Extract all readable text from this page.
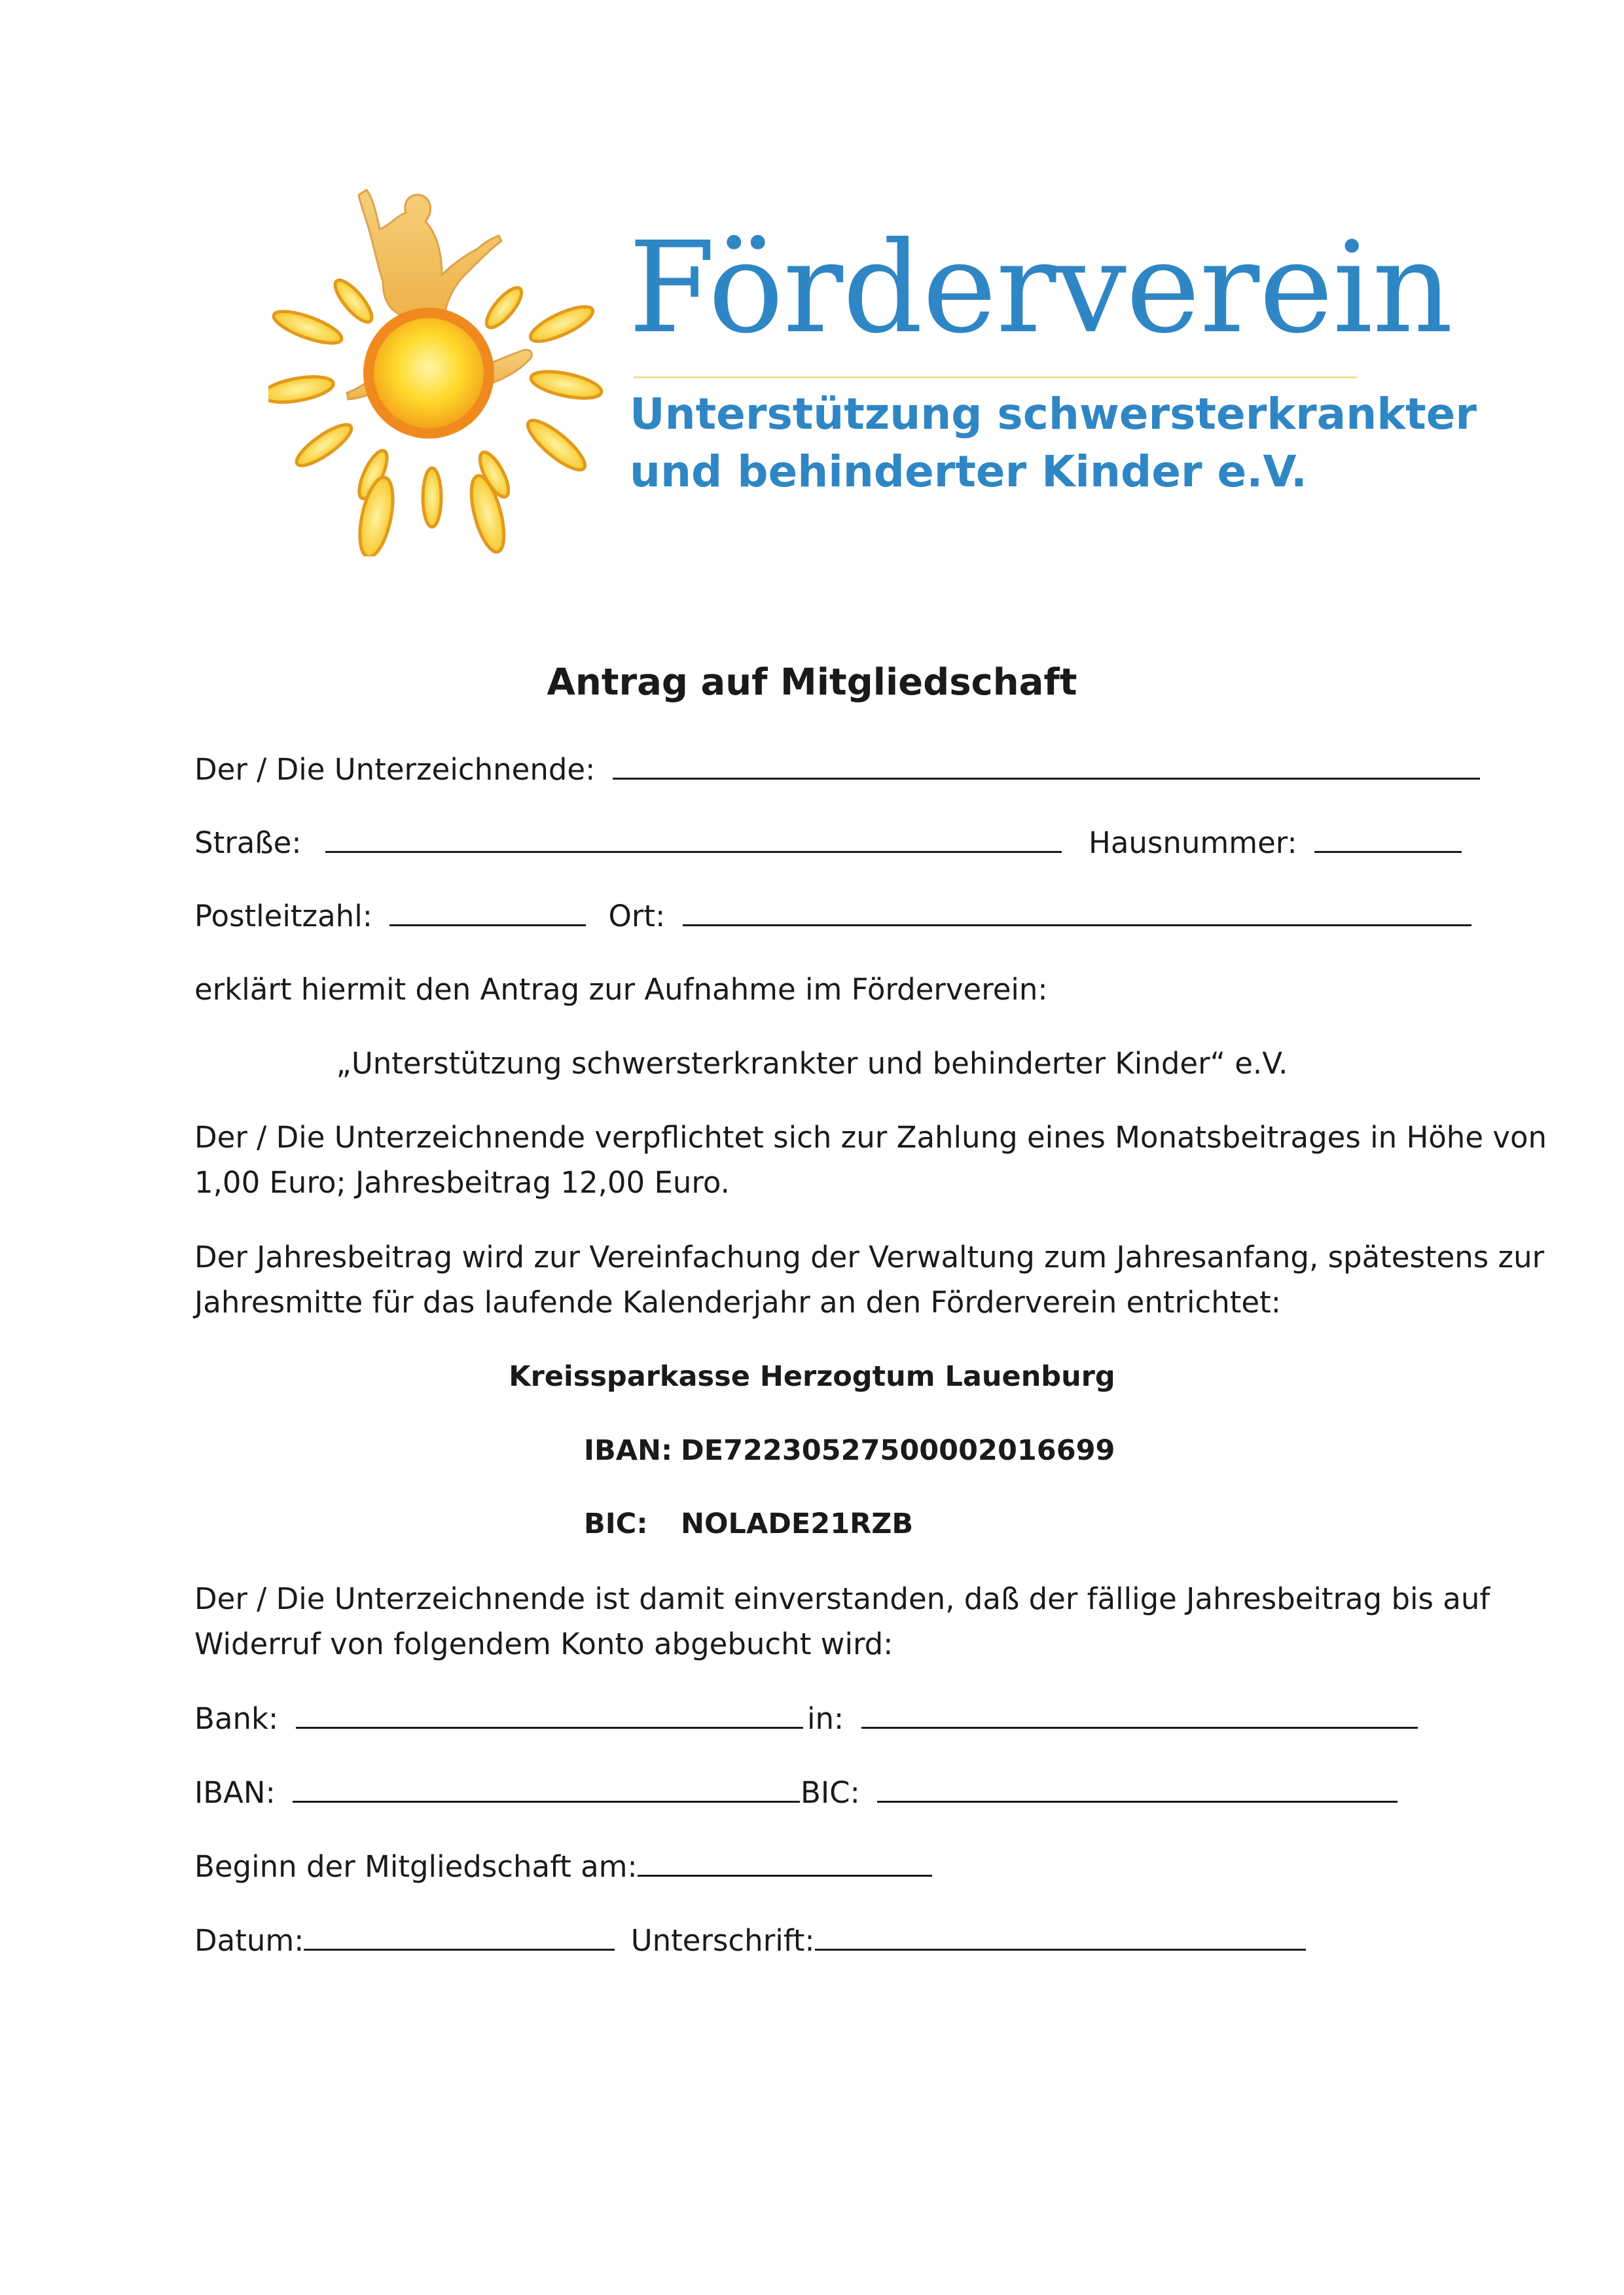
Förderverein
Unterstützung schwersterkrankter
und behinderter Kinder e.V.
Antrag auf Mitgliedschaft
Der / Die Unterzeichnende:
Straße:	Hausnummer:
Postleitzahl:	Ort:
erklärt hiermit den Antrag zur Aufnahme im Förderverein:
„Unterstützung schwersterkrankter und behinderter Kinder“ e.V.
Der / Die Unterzeichnende verpflichtet sich zur Zahlung eines Monatsbeitrages in Höhe von
1,00 Euro; Jahresbeitrag 12,00 Euro.
Der Jahresbeitrag wird zur Vereinfachung der Verwaltung zum Jahresanfang, spätestens zur
Jahresmitte für das laufende Kalenderjahr an den Förderverein entrichtet:
Kreissparkasse Herzogtum Lauenburg
IBAN: DE72230527500002016699
BIC: NOLADE21RZB
Der / Die Unterzeichnende ist damit einverstanden, daß der fällige Jahresbeitrag bis auf
Widerruf von folgendem Konto abgebucht wird:
Bank:	in:
IBAN:	BIC:
Beginn der Mitgliedschaft am:
Datum:	Unterschrift:
